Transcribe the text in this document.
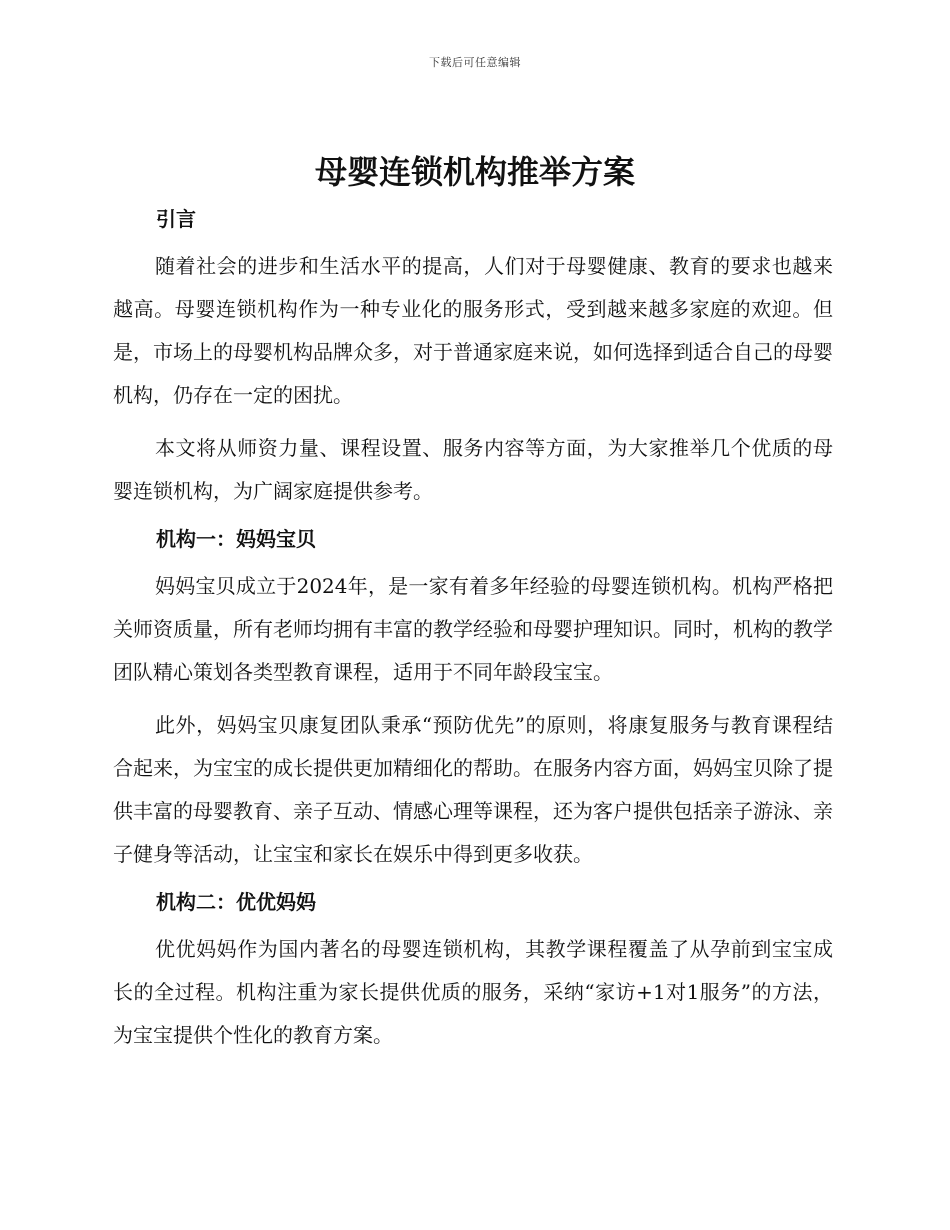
下载后可任意编辑
母婴连锁机构推举方案
引言

随着社会的进步和生活水平的提高，人们对于母婴健康、教育的要求也越来越高。母婴连锁机构作为一种专业化的服务形式，受到越来越多家庭的欢迎。但是，市场上的母婴机构品牌众多，对于普通家庭来说，如何选择到适合自己的母婴机构，仍存在一定的困扰。

本文将从师资力量、课程设置、服务内容等方面，为大家推举几个优质的母婴连锁机构，为广阔家庭提供参考。

机构一：妈妈宝贝

妈妈宝贝成立于2024年，是一家有着多年经验的母婴连锁机构。机构严格把关师资质量，所有老师均拥有丰富的教学经验和母婴护理知识。同时，机构的教学团队精心策划各类型教育课程，适用于不同年龄段宝宝。

此外，妈妈宝贝康复团队秉承“预防优先”的原则，将康复服务与教育课程结合起来，为宝宝的成长提供更加精细化的帮助。在服务内容方面，妈妈宝贝除了提供丰富的母婴教育、亲子互动、情感心理等课程，还为客户提供包括亲子游泳、亲子健身等活动，让宝宝和家长在娱乐中得到更多收获。

机构二：优优妈妈

优优妈妈作为国内著名的母婴连锁机构，其教学课程覆盖了从孕前到宝宝成长的全过程。机构注重为家长提供优质的服务，采纳“家访+1对1服务”的方法，为宝宝提供个性化的教育方案。
